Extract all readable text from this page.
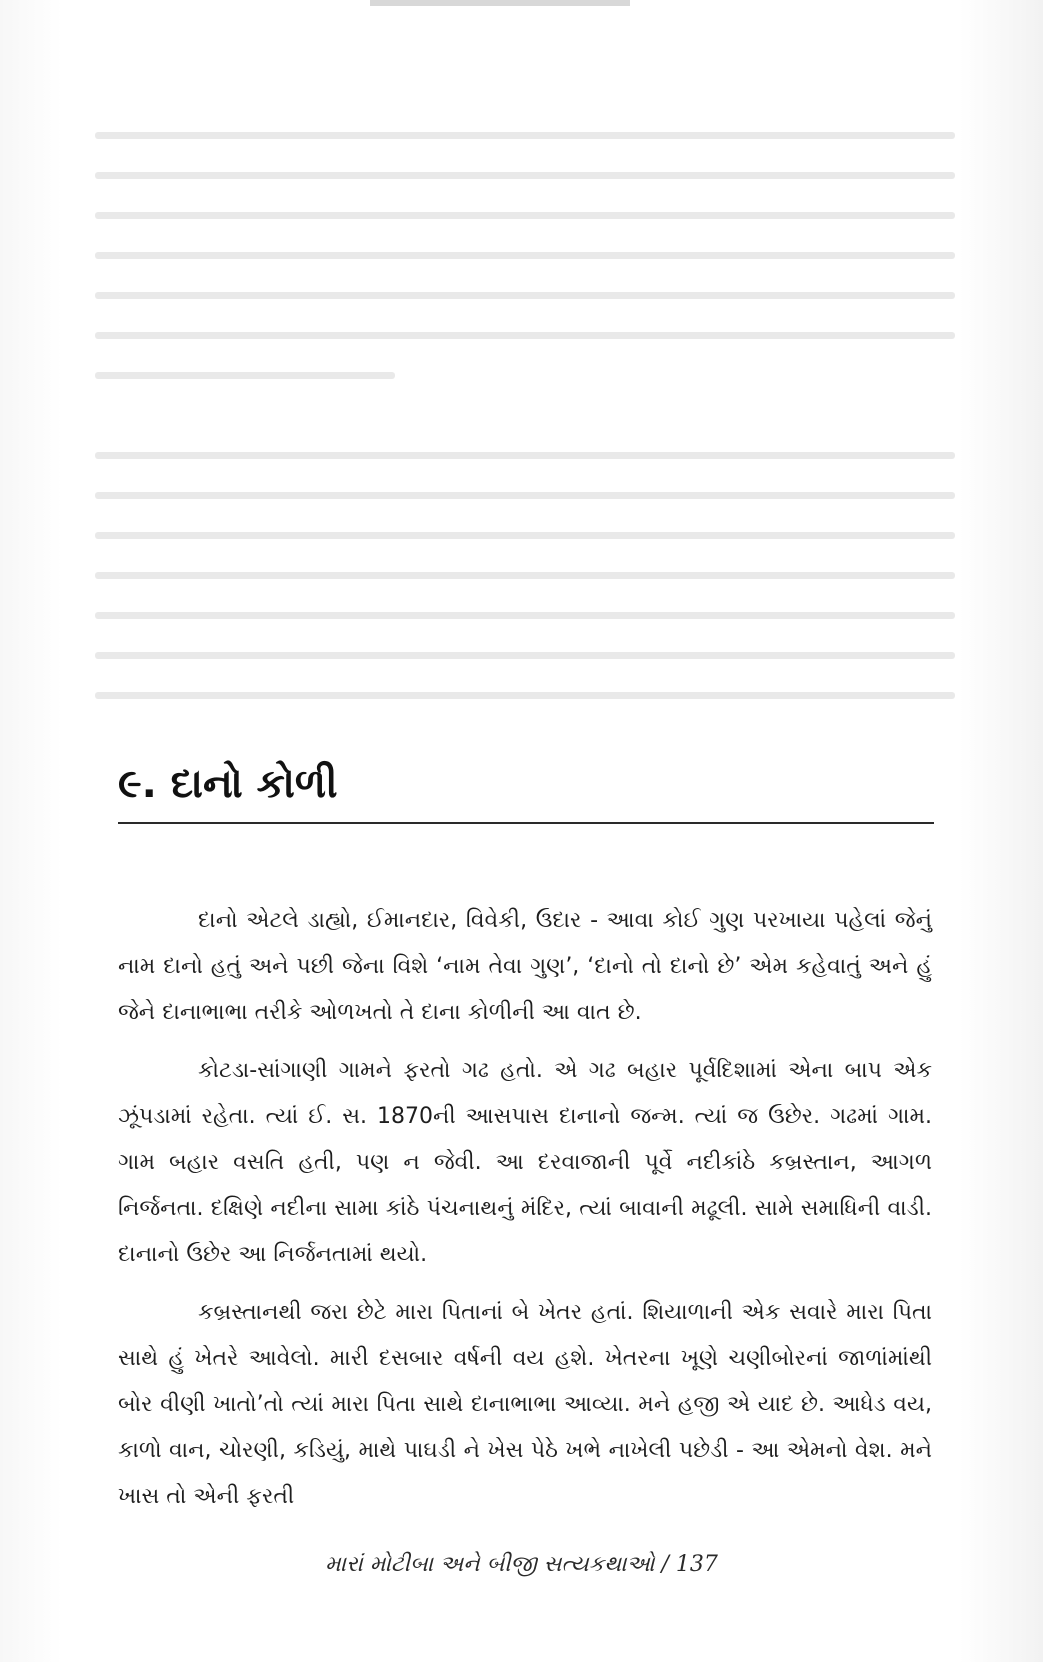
૯. દાનો કોળી

દાનો એટલે ડાહ્યો, ઈમાનદાર, વિવેકી, ઉદાર - આવા કોઈ ગુણ પરખાયા પહેલાં જેનું નામ દાનો હતું અને પછી જેના વિશે ‘નામ તેવા ગુણ’, ‘દાનો તો દાનો છે’ એમ કહેવાતું અને હું જેને દાનાભાભા તરીકે ઓળખતો તે દાના કોળીની આ વાત છે.

કોટડા-સાંગાણી ગામને ફરતો ગઢ હતો. એ ગઢ બહાર પૂર્વદિશામાં એના બાપ એક ઝૂંપડામાં રહેતા. ત્યાં ઈ. સ. 1870ની આસપાસ દાનાનો જન્મ. ત્યાં જ ઉછેર. ગઢમાં ગામ. ગામ બહાર વસતિ હતી, પણ ન જેવી. આ દરવાજાની પૂર્વે નદીકાંઠે કબ્રસ્તાન, આગળ નિર્જનતા. દક્ષિણે નદીના સામા કાંઠે પંચનાથનું મંદિર, ત્યાં બાવાની મઢૂલી. સામે સમાધિની વાડી. દાનાનો ઉછેર આ નિર્જનતામાં થયો.

કબ્રસ્તાનથી જરા છેટે મારા પિતાનાં બે ખેતર હતાં. શિયાળાની એક સવારે મારા પિતા સાથે હું ખેતરે આવેલો. મારી દસબાર વર્ષની વય હશે. ખેતરના ખૂણે ચણીબોરનાં જાળાંમાંથી બોર વીણી ખાતો’તો ત્યાં મારા પિતા સાથે દાનાભાભા આવ્યા. મને હજી એ યાદ છે. આધેડ વય, કાળો વાન, ચોરણી, કડિયું, માથે પાઘડી ને ખેસ પેઠે ખભે નાખેલી પછેડી - આ એમનો વેશ. મને ખાસ તો એની ફરતી

મારાં મોટીબા અને બીજી સત્યકથાઓ / 137
